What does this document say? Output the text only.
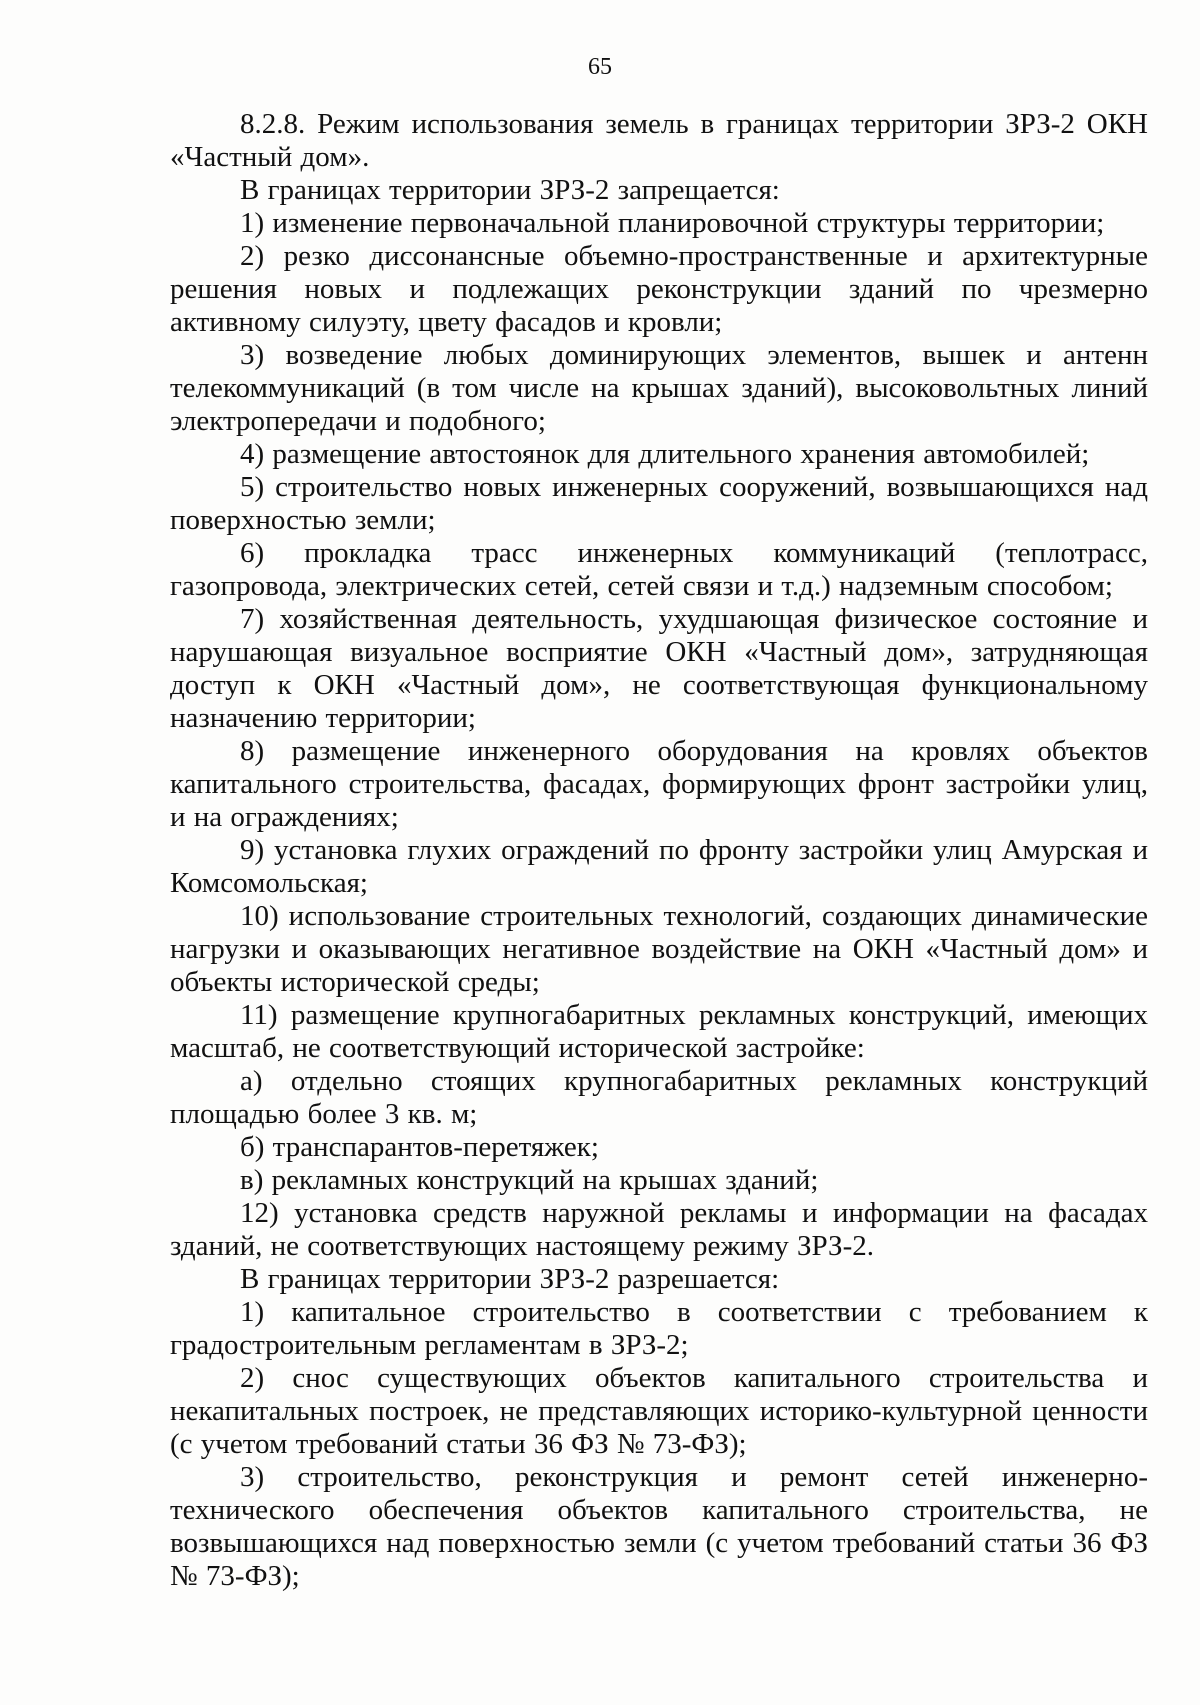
65

8.2.8. Режим использования земель в границах территории ЗРЗ-2 ОКН «Частный дом».

В границах территории ЗРЗ-2 запрещается:

1) изменение первоначальной планировочной структуры территории;

2) резко диссонансные объемно-пространственные и архитектурные решения новых и подлежащих реконструкции зданий по чрезмерно активному силуэту, цвету фасадов и кровли;

3) возведение любых доминирующих элементов, вышек и антенн телекоммуникаций (в том числе на крышах зданий), высоковольтных линий электропередачи и подобного;

4) размещение автостоянок для длительного хранения автомобилей;

5) строительство новых инженерных сооружений, возвышающихся над поверхностью земли;

6) прокладка трасс инженерных коммуникаций (теплотрасс, газопровода, электрических сетей, сетей связи и т.д.) надземным способом;

7) хозяйственная деятельность, ухудшающая физическое состояние и нарушающая визуальное восприятие ОКН «Частный дом», затрудняющая доступ к ОКН «Частный дом», не соответствующая функциональному назначению территории;

8) размещение инженерного оборудования на кровлях объектов капитального строительства, фасадах, формирующих фронт застройки улиц, и на ограждениях;

9) установка глухих ограждений по фронту застройки улиц Амурская и Комсомольская;

10) использование строительных технологий, создающих динамические нагрузки и оказывающих негативное воздействие на ОКН «Частный дом» и объекты исторической среды;

11) размещение крупногабаритных рекламных конструкций, имеющих масштаб, не соответствующий исторической застройке:

а) отдельно стоящих крупногабаритных рекламных конструкций площадью более 3 кв. м;

б) транспарантов-перетяжек;

в) рекламных конструкций на крышах зданий;

12) установка средств наружной рекламы и информации на фасадах зданий, не соответствующих настоящему режиму ЗРЗ-2.

В границах территории ЗРЗ-2 разрешается:

1) капитальное строительство в соответствии с требованием к градостроительным регламентам в ЗРЗ-2;

2) снос существующих объектов капитального строительства и некапитальных построек, не представляющих историко-культурной ценности (с учетом требований статьи 36 ФЗ № 73-ФЗ);

3) строительство, реконструкция и ремонт сетей инженерно-технического обеспечения объектов капитального строительства, не возвышающихся над поверхностью земли (с учетом требований статьи 36 ФЗ № 73-ФЗ);
